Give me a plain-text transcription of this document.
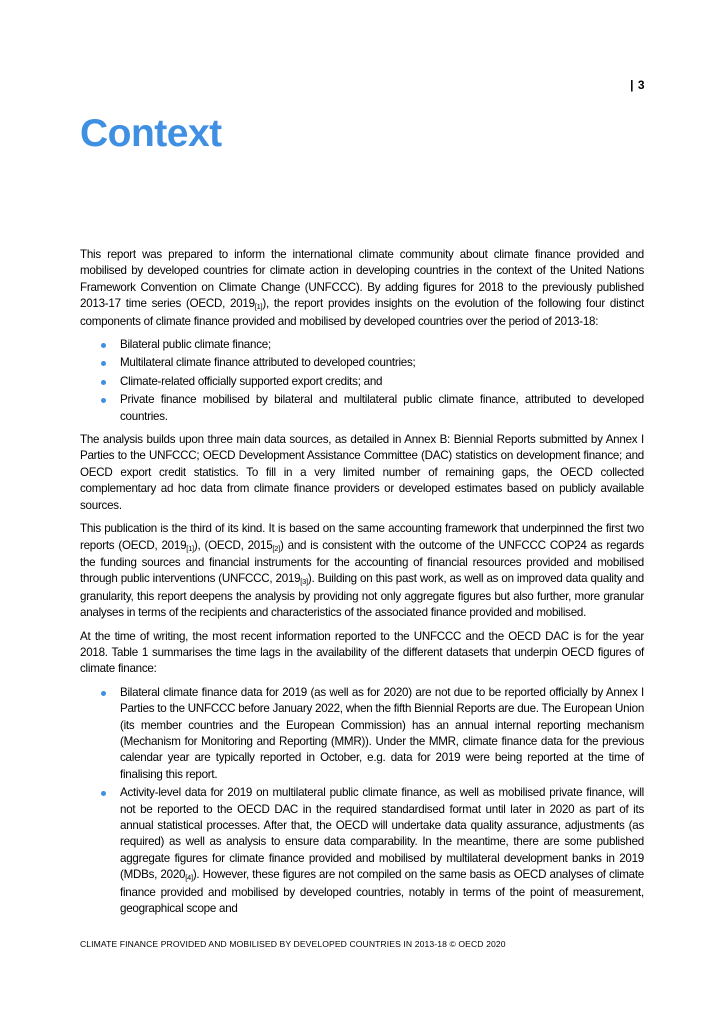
| 3
Context

This report was prepared to inform the international climate community about climate finance provided and mobilised by developed countries for climate action in developing countries in the context of the United Nations Framework Convention on Climate Change (UNFCCC). By adding figures for 2018 to the previously published 2013-17 time series (OECD, $2019_{[1]}$), the report provides insights on the evolution of the following four distinct components of climate finance provided and mobilised by developed countries over the period of 2013-18:

Bilateral public climate finance;
Multilateral climate finance attributed to developed countries;
Climate-related officially supported export credits; and
Private finance mobilised by bilateral and multilateral public climate finance, attributed to developed countries.

The analysis builds upon three main data sources, as detailed in Annex B: Biennial Reports submitted by Annex I Parties to the UNFCCC; OECD Development Assistance Committee (DAC) statistics on development finance; and OECD export credit statistics. To fill in a very limited number of remaining gaps, the OECD collected complementary ad hoc data from climate finance providers or developed estimates based on publicly available sources.

This publication is the third of its kind. It is based on the same accounting framework that underpinned the first two reports (OECD, $2019_{[1]}$), (OECD, $2015_{[2]}$) and is consistent with the outcome of the UNFCCC COP24 as regards the funding sources and financial instruments for the accounting of financial resources provided and mobilised through public interventions (UNFCCC, $2019_{[3]}$). Building on this past work, as well as on improved data quality and granularity, this report deepens the analysis by providing not only aggregate figures but also further, more granular analyses in terms of the recipients and characteristics of the associated finance provided and mobilised.

At the time of writing, the most recent information reported to the UNFCCC and the OECD DAC is for the year 2018. Table 1 summarises the time lags in the availability of the different datasets that underpin OECD figures of climate finance:

Bilateral climate finance data for 2019 (as well as for 2020) are not due to be reported officially by Annex I Parties to the UNFCCC before January 2022, when the fifth Biennial Reports are due. The European Union (its member countries and the European Commission) has an annual internal reporting mechanism (Mechanism for Monitoring and Reporting (MMR)). Under the MMR, climate finance data for the previous calendar year are typically reported in October, e.g. data for 2019 were being reported at the time of finalising this report.
Activity-level data for 2019 on multilateral public climate finance, as well as mobilised private finance, will not be reported to the OECD DAC in the required standardised format until later in 2020 as part of its annual statistical processes. After that, the OECD will undertake data quality assurance, adjustments (as required) as well as analysis to ensure data comparability. In the meantime, there are some published aggregate figures for climate finance provided and mobilised by multilateral development banks in 2019 (MDBs, $2020_{[4]}$). However, these figures are not compiled on the same basis as OECD analyses of climate finance provided and mobilised by developed countries, notably in terms of the point of measurement, geographical scope and
CLIMATE FINANCE PROVIDED AND MOBILISED BY DEVELOPED COUNTRIES IN 2013-18 © OECD 2020
